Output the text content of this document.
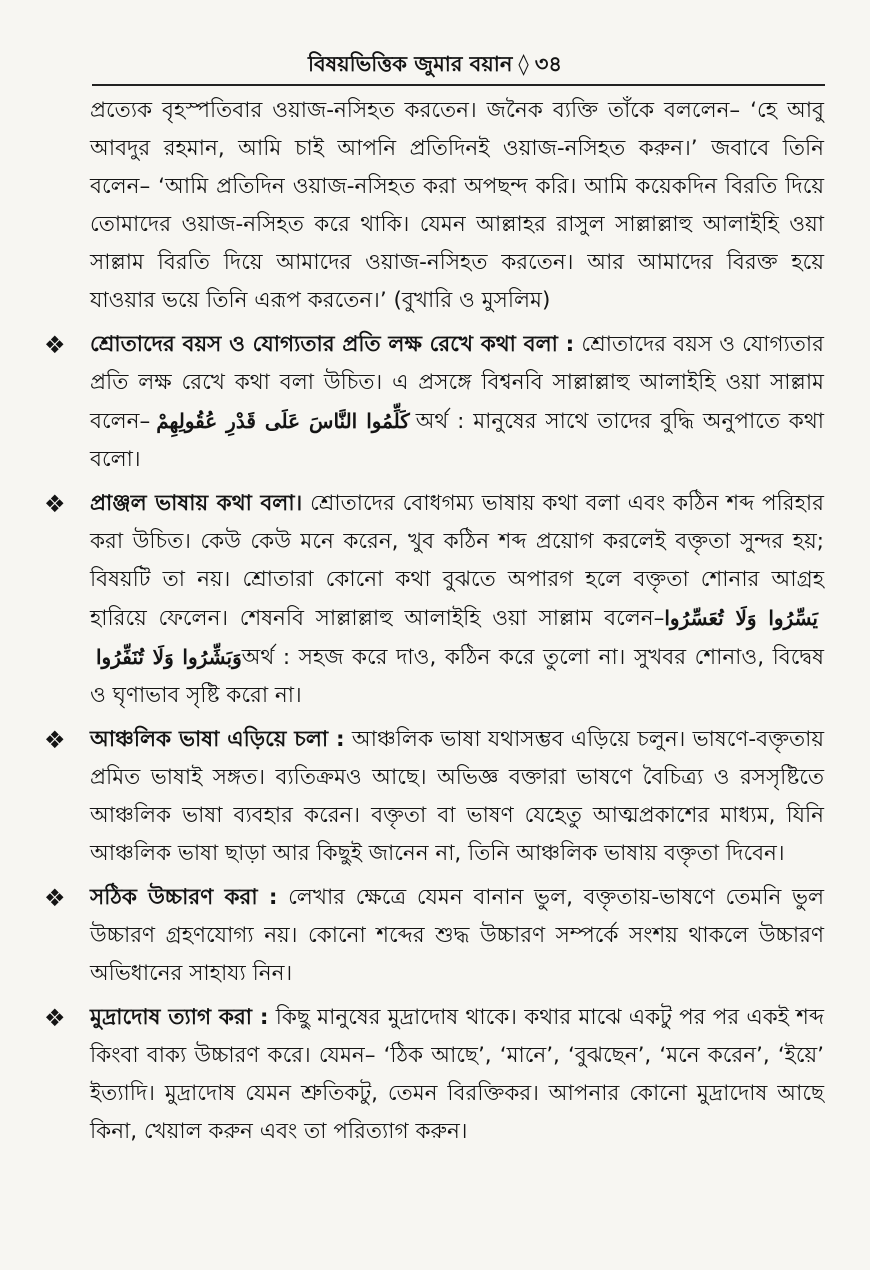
বিষয়ভিত্তিক জুমার বয়ান ◊ ৩৪

প্রত্যেক বৃহস্পতিবার ওয়াজ-নসিহত করতেন। জনৈক ব্যক্তি তাঁকে বললেন– ‘হে আবু আবদুর রহমান, আমি চাই আপনি প্রতিদিনই ওয়াজ-নসিহত করুন।’ জবাবে তিনি বলেন– ‘আমি প্রতিদিন ওয়াজ-নসিহত করা অপছন্দ করি। আমি কয়েকদিন বিরতি দিয়ে তোমাদের ওয়াজ-নসিহত করে থাকি। যেমন আল্লাহর রাসুল সাল্লাল্লাহু আলাইহি ওয়া সাল্লাম বিরতি দিয়ে আমাদের ওয়াজ-নসিহত করতেন। আর আমাদের বিরক্ত হয়ে যাওয়ার ভয়ে তিনি এরূপ করতেন।’ (বুখারি ও মুসলিম)

❖ শ্রোতাদের বয়স ও যোগ্যতার প্রতি লক্ষ রেখে কথা বলা : শ্রোতাদের বয়স ও যোগ্যতার প্রতি লক্ষ রেখে কথা বলা উচিত। এ প্রসঙ্গে বিশ্বনবি সাল্লাল্লাহু আলাইহি ওয়া সাল্লাম বলেন– كَلِّمُوا النَّاسَ عَلَى قَدْرِ عُقُولِهِمْ অর্থ : মানুষের সাথে তাদের বুদ্ধি অনুপাতে কথা বলো।
❖ প্রাঞ্জল ভাষায় কথা বলা। শ্রোতাদের বোধগম্য ভাষায় কথা বলা এবং কঠিন শব্দ পরিহার করা উচিত। কেউ কেউ মনে করেন, খুব কঠিন শব্দ প্রয়োগ করলেই বক্তৃতা সুন্দর হয়; বিষয়টি তা নয়। শ্রোতারা কোনো কথা বুঝতে অপারগ হলে বক্তৃতা শোনার আগ্রহ হারিয়ে ফেলেন। শেষনবি সাল্লাল্লাহু আলাইহি ওয়া সাল্লাম বলেন–يَسِّرُوا وَلَا تُعَسِّرُوا وَبَشِّرُوا وَلَا تُنَفِّرُواঅর্থ : সহজ করে দাও, কঠিন করে তুলো না। সুখবর শোনাও, বিদ্বেষ ও ঘৃণাভাব সৃষ্টি করো না।
❖ আঞ্চলিক ভাষা এড়িয়ে চলা : আঞ্চলিক ভাষা যথাসম্ভব এড়িয়ে চলুন। ভাষণে-বক্তৃতায় প্রমিত ভাষাই সঙ্গত। ব্যতিক্রমও আছে। অভিজ্ঞ বক্তারা ভাষণে বৈচিত্র্য ও রসসৃষ্টিতে আঞ্চলিক ভাষা ব্যবহার করেন। বক্তৃতা বা ভাষণ যেহেতু আত্মপ্রকাশের মাধ্যম, যিনি আঞ্চলিক ভাষা ছাড়া আর কিছুই জানেন না, তিনি আঞ্চলিক ভাষায় বক্তৃতা দিবেন।
❖ সঠিক উচ্চারণ করা : লেখার ক্ষেত্রে যেমন বানান ভুল, বক্তৃতায়-ভাষণে তেমনি ভুল উচ্চারণ গ্রহণযোগ্য নয়। কোনো শব্দের শুদ্ধ উচ্চারণ সম্পর্কে সংশয় থাকলে উচ্চারণ অভিধানের সাহায্য নিন।
❖ মুদ্রাদোষ ত্যাগ করা : কিছু মানুষের মুদ্রাদোষ থাকে। কথার মাঝে একটু পর পর একই শব্দ কিংবা বাক্য উচ্চারণ করে। যেমন– ‘ঠিক আছে’, ‘মানে’, ‘বুঝছেন’, ‘মনে করেন’, ‘ইয়ে’ ইত্যাদি। মুদ্রাদোষ যেমন শ্রুতিকটু, তেমন বিরক্তিকর। আপনার কোনো মুদ্রাদোষ আছে কিনা, খেয়াল করুন এবং তা পরিত্যাগ করুন।
